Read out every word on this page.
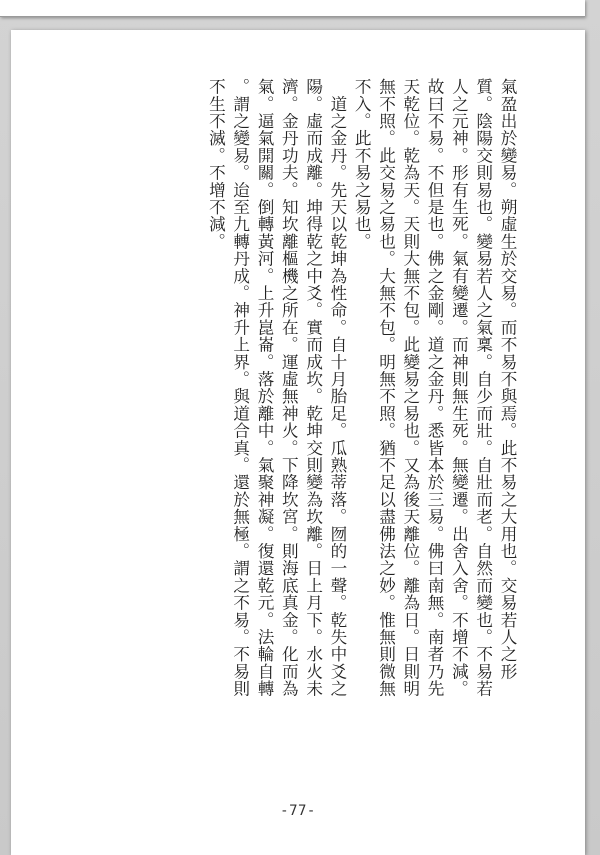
氣盈出於變易。朔虛生於交易。而不易不與焉。此不易之大用也。交易若人之形
質。陰陽交則易也。變易若人之氣稟。自少而壯。自壯而老。自然而變也。不易若
人之元神。形有生死。氣有變遷。而神則無生死。無變遷。出舍入舍。不增不減。
故曰不易。不但是也。佛之金剛。道之金丹。悉皆本於三易。佛曰南無。南者乃先
天乾位。乾為天。天則大無不包。此變易之易也。又為後天離位。離為日。日則明
無不照。此交易之易也。大無不包。明無不照。猶不足以盡佛法之妙。惟無則微無
不入。此不易之易也。
　道之金丹。先天以乾坤為性命。自十月胎足。瓜熟蒂落。囫的一聲。乾失中爻之
陽。虛而成離。坤得乾之中爻。實而成坎。乾坤交則變為坎離。日上月下。水火未
濟。金丹功夫。知坎離樞機之所在。運虛無神火。下降坎宮。則海底真金。化而為
氣。逼氣開關。倒轉黃河。上升崑崙。落於離中。氣聚神凝。復還乾元。法輪自轉
。謂之變易。迨至九轉丹成。神升上界。與道合真。還於無極。謂之不易。不易則
不生不滅。不增不減。
-77-
